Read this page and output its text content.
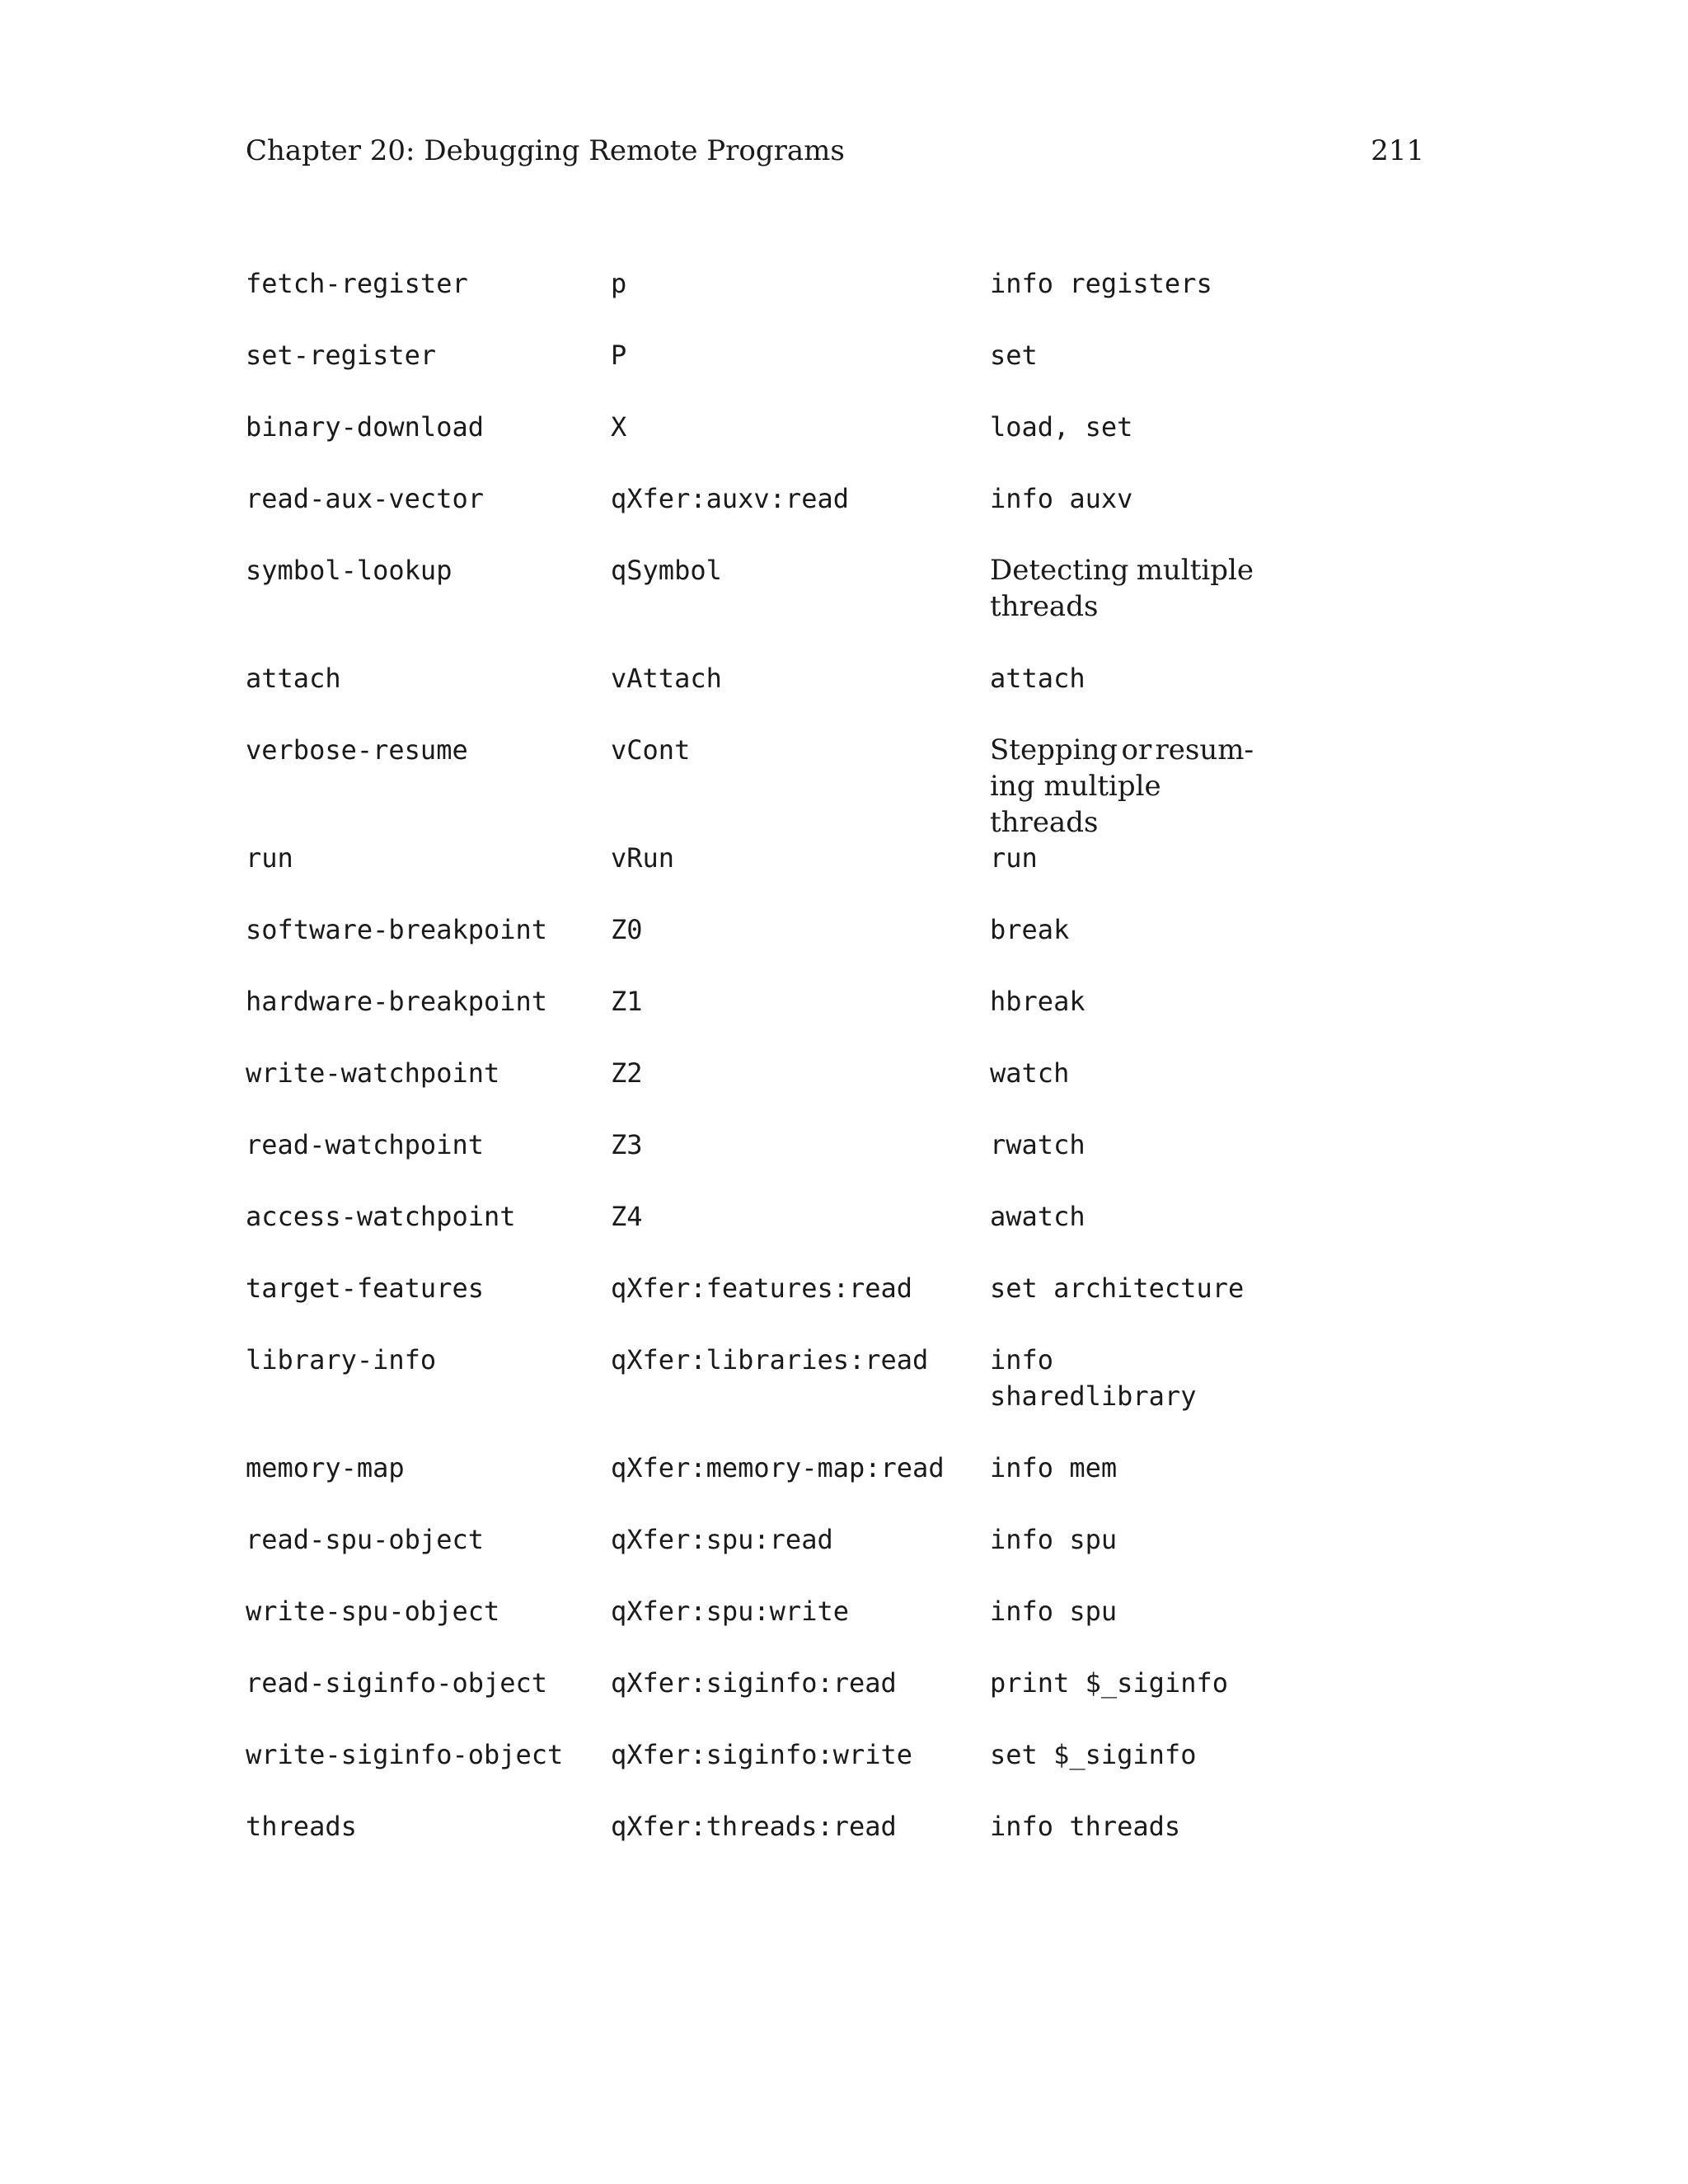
Chapter 20: Debugging Remote Programs	211
fetch-register	p	info registers
set-register	P	set
binary-download	X	load, set
read-aux-vector	qXfer:auxv:read	info auxv
symbol-lookup	qSymbol	Detecting multiple
threads
attach	vAttach	attach
verbose-resume	vCont	Stepping or resum-
ing multiple threads
run	vRun	run
software-breakpoint Z0	break
hardware-breakpoint Z1	hbreak
write-watchpoint	Z2	watch
read-watchpoint	Z3	rwatch
access-watchpoint	Z4	awatch
target-features	qXfer:features:read	set architecture
library-info	qXfer:libraries:read info
sharedlibrary
memory-map	qXfer:memory-map:read info mem
read-spu-object	qXfer:spu:read	info spu
write-spu-object	qXfer:spu:write	info spu
read-siginfo-object qXfer:siginfo:read	print $_siginfo
write-siginfo-object qXfer:siginfo:write	set $_siginfo
threads	qXfer:threads:read	info threads
